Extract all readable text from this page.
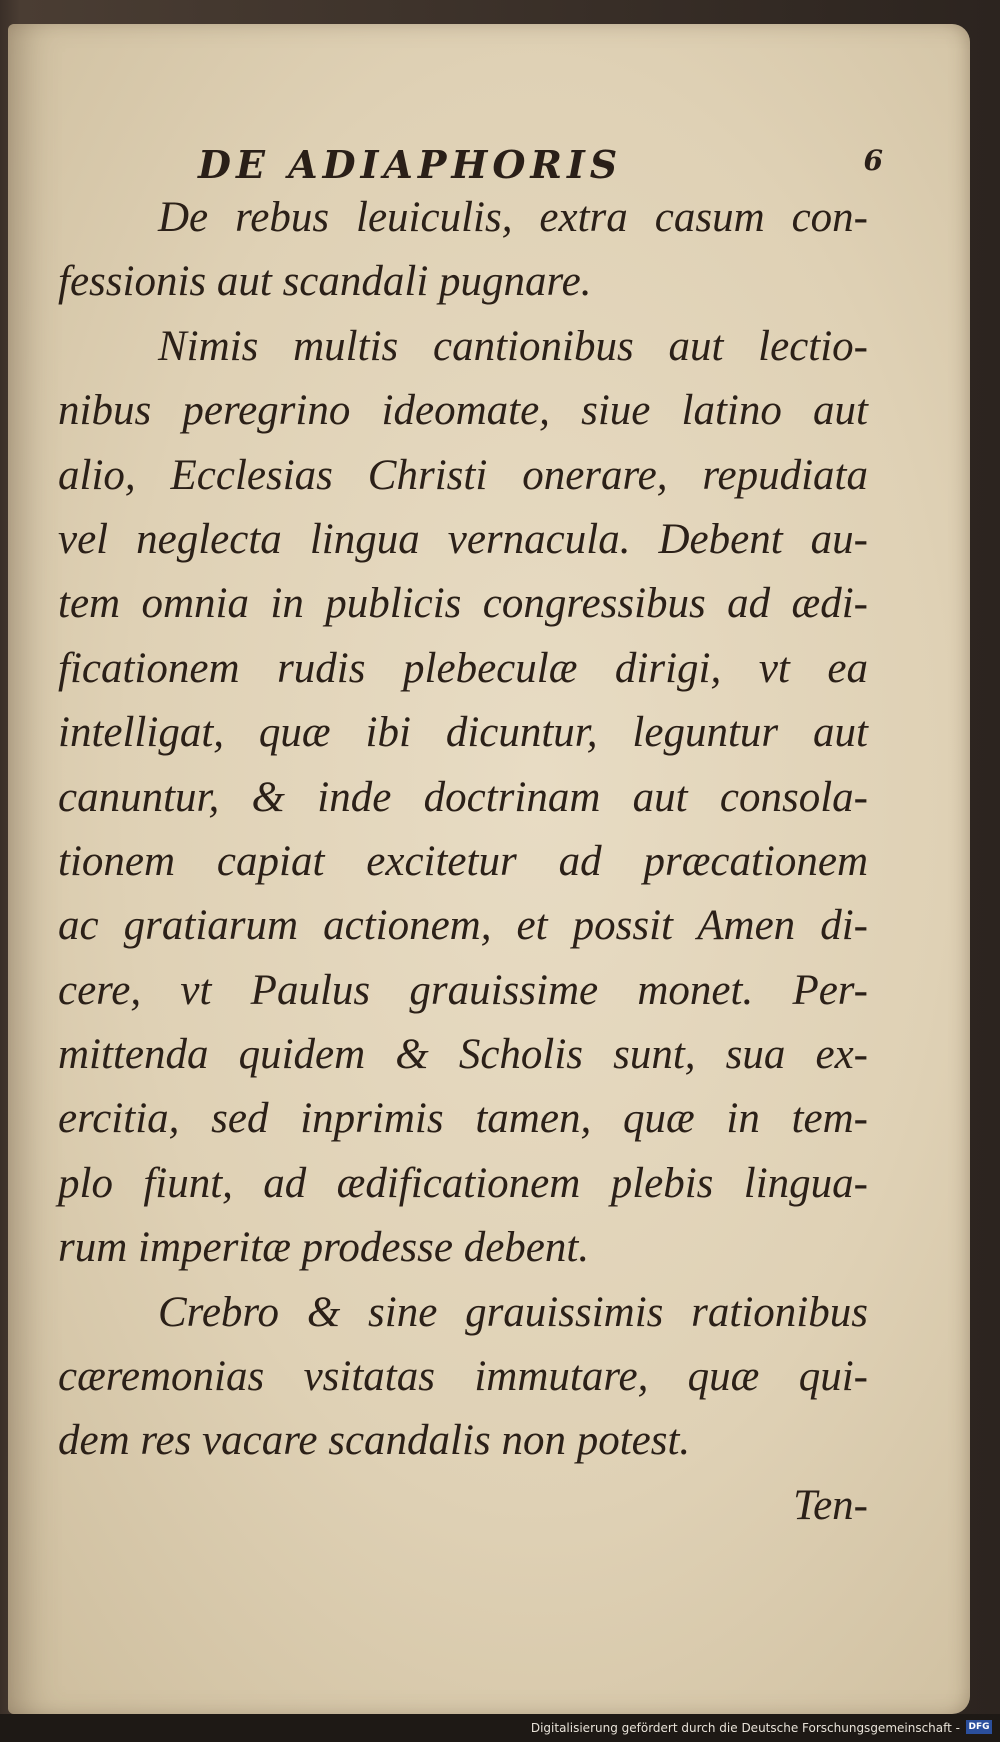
DE ADIAPHORIS	6
De rebus leuiculis, extra casum con-
fessionis aut scandali pugnare.
Nimis multis cantionibus aut lectio-
nibus peregrino ideomate, siue latino aut
alio, Ecclesias Christi onerare, repudiata
vel neglecta lingua vernacula. Debent au-
tem omnia in publicis congressibus ad ædi-
ficationem rudis plebeculæ dirigi, vt ea
intelligat, quæ ibi dicuntur, leguntur aut
canuntur, & inde doctrinam aut consola-
tionem capiat excitetur ad præcationem
ac gratiarum actionem, et possit Amen di-
cere, vt Paulus grauissime monet. Per-
mittenda quidem & Scholis sunt, sua ex-
ercitia, sed inprimis tamen, quæ in tem-
plo fiunt, ad ædificationem plebis lingua-
rum imperitæ prodesse debent.
Crebro & sine grauissimis rationibus
cæremonias vsitatas immutare, quæ qui-
dem res vacare scandalis non potest.
Ten-
Digitalisierung gefördert durch die Deutsche Forschungsgemeinschaft - DFG
